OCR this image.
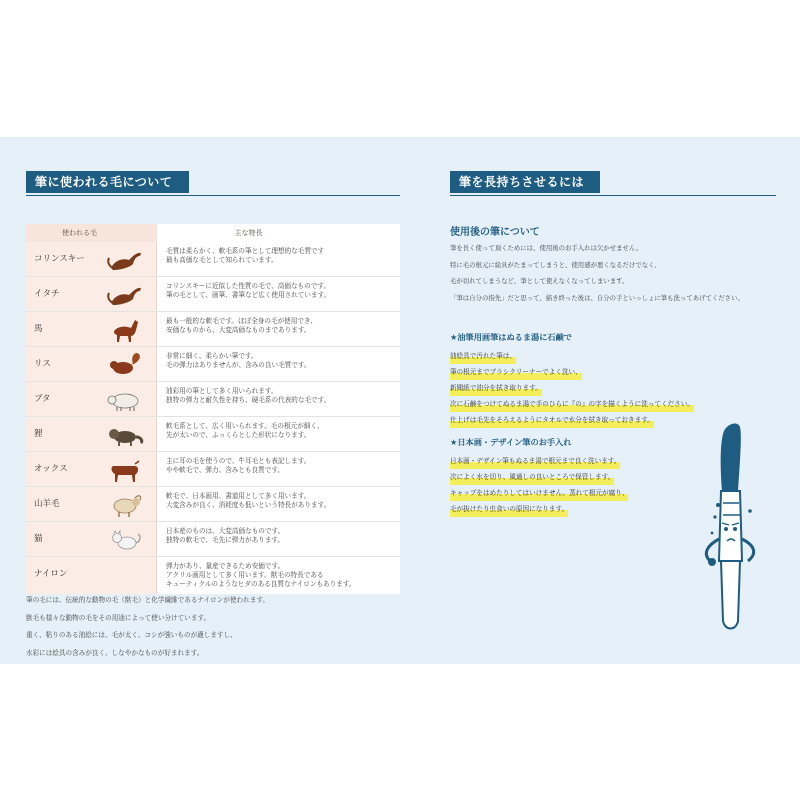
筆に使われる毛について	筆を長持ちさせるには
使われる毛	主な特長
コリンスキー
毛質は柔らかく、軟毛系の筆として理想的な毛質です
最も高価な毛として知られています。
イタチ
コリンスキーに近似した性質の毛で、高価なものです。
筆の毛として、画筆、書筆など広く使用されています。
馬
最も一般的な軟毛です。ほぼ全身の毛が使用でき、
安価なものから、大変高価なものまであります。
リス
非常に細く、柔らかい筆です。
毛の弾力はありませんが、含みの良い毛質です。
ブタ
油彩用の筆として多く用いられます。
独特の弾力と耐久性を持ち、硬毛系の代表的な毛です。
狸
軟毛系として、広く用いられます。毛の根元が細く、
先が太いので、ふっくらとした形状になります。
オックス
主に耳の毛を使うので、牛耳毛とも表記します。
やや軟毛で、弾力、含みとも良質です。
山羊毛
軟毛で、日本画用、書道用として多く用います。
大変含みが良く、消耗度も低いという特長があります。
猫
日本産のものは、大変高価なものです。
独特の軟毛で、毛先に弾力があります。
ナイロン
弾力があり、量産できるため安価です。
アクリル画用として多く用います。獣毛の特長である
キューティクルのようなヒダのある良質なナイロンもあります。
筆の毛には、伝統的な動物の毛（獣毛）と化学繊維であるナイロンが使われます。
獣毛も様々な動物の毛をその用途によって使い分けています。
重く、粘りのある油絵には、毛が太く、コシが強いものが適しますし、
水彩には絵具の含みが良く、しなやかなものが好まれます。
使用後の筆について
筆を長く使って頂くためには、使用後のお手入れは欠かせません。
特に毛の根元に絵具がたまってしまうと、使用感が悪くなるだけでなく、
毛が切れてしまうなど、筆として使えなくなってしまいます。
「筆は自分の指先」だと思って、描き終った後は、自分の手といっしょに筆も洗ってあげてください。
★油筆用画筆はぬるま湯に石鹸で
油絵具で汚れた筆は、
筆の根元までブラシクリーナーでよく洗い、
新聞紙で油分を拭き取ります。
次に石鹸をつけてぬるま湯で手のひらに『の』の字を描くように洗ってください。
仕上げは毛先をそろえるようにタオルで水分を拭き取っておきます。
★日本画・デザイン筆のお手入れ
日本画・デザイン筆もぬるま湯で根元まで良く洗います。
次によく水を切り、風通しの良いところで保管します。
キャップをはめたりしてはいけません。蒸れて根元が腐り、
毛が抜けたり虫食いの原因になります。
